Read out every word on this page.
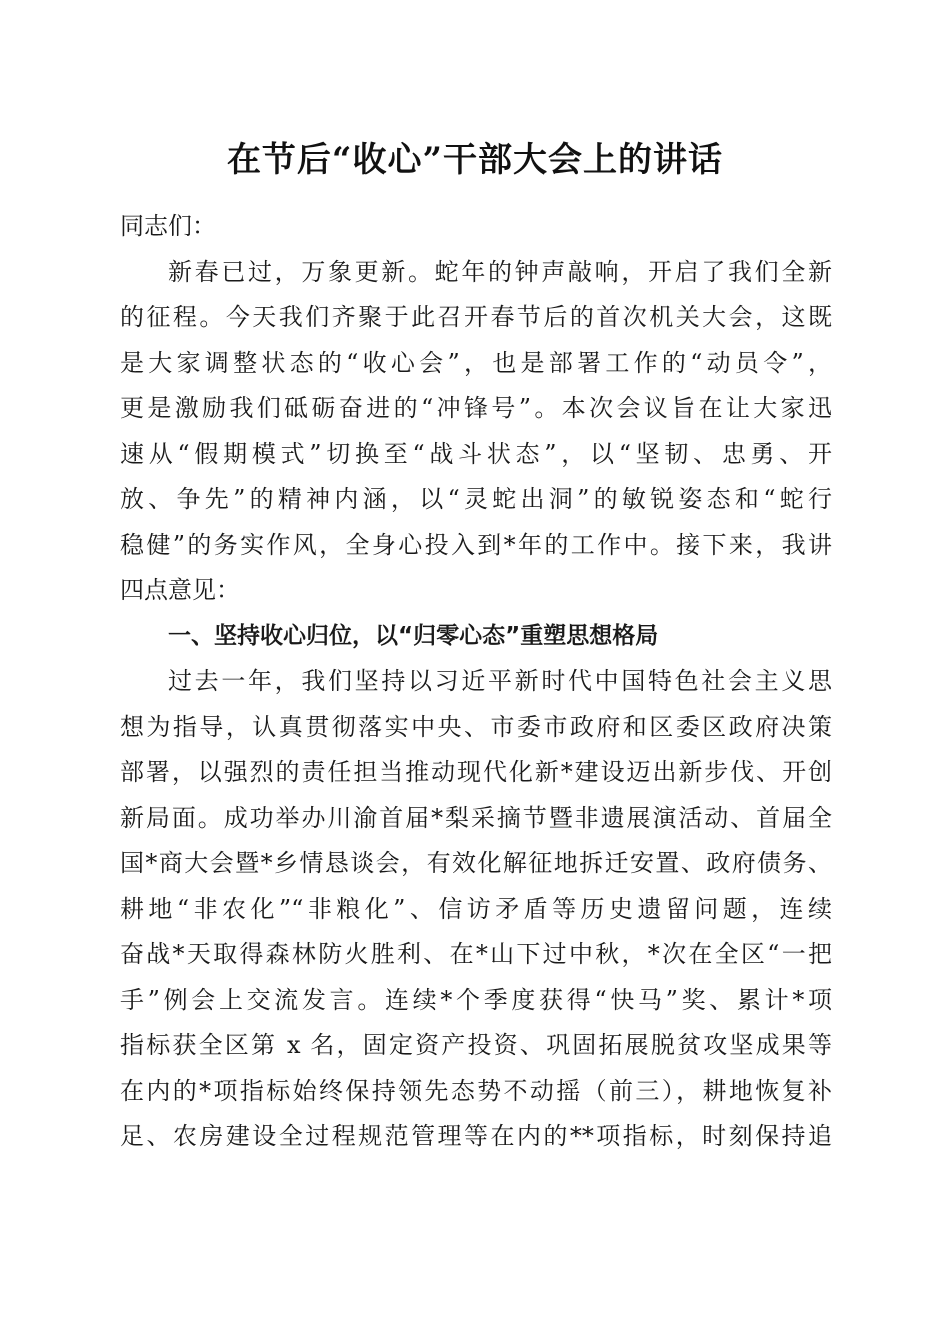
在节后“收心”干部大会上的讲话
同志们：
新春已过，万象更新。蛇年的钟声敲响，开启了我们全新
的征程。今天我们齐聚于此召开春节后的首次机关大会，这既
是大家调整状态的“收心会”，也是部署工作的“动员令”，
更是激励我们砥砺奋进的“冲锋号”。本次会议旨在让大家迅
速从“假期模式”切换至“战斗状态”，以“坚韧、忠勇、开
放、争先”的精神内涵，以“灵蛇出洞”的敏锐姿态和“蛇行
稳健”的务实作风，全身心投入到*年的工作中。接下来，我讲
四点意见：
一、坚持收心归位，以“归零心态”重塑思想格局
过去一年，我们坚持以习近平新时代中国特色社会主义思
想为指导，认真贯彻落实中央、市委市政府和区委区政府决策
部署，以强烈的责任担当推动现代化新*建设迈出新步伐、开创
新局面。成功举办川渝首届*梨采摘节暨非遗展演活动、首届全
国*商大会暨*乡情恳谈会，有效化解征地拆迁安置、政府债务、
耕地“非农化”“非粮化”、信访矛盾等历史遗留问题，连续
奋战*天取得森林防火胜利、在*山下过中秋，*次在全区“一把
手”例会上交流发言。连续*个季度获得“快马”奖、累计*项
指标获全区第 x 名，固定资产投资、巩固拓展脱贫攻坚成果等
在内的*项指标始终保持领先态势不动摇（前三），耕地恢复补
足、农房建设全过程规范管理等在内的**项指标，时刻保持追
